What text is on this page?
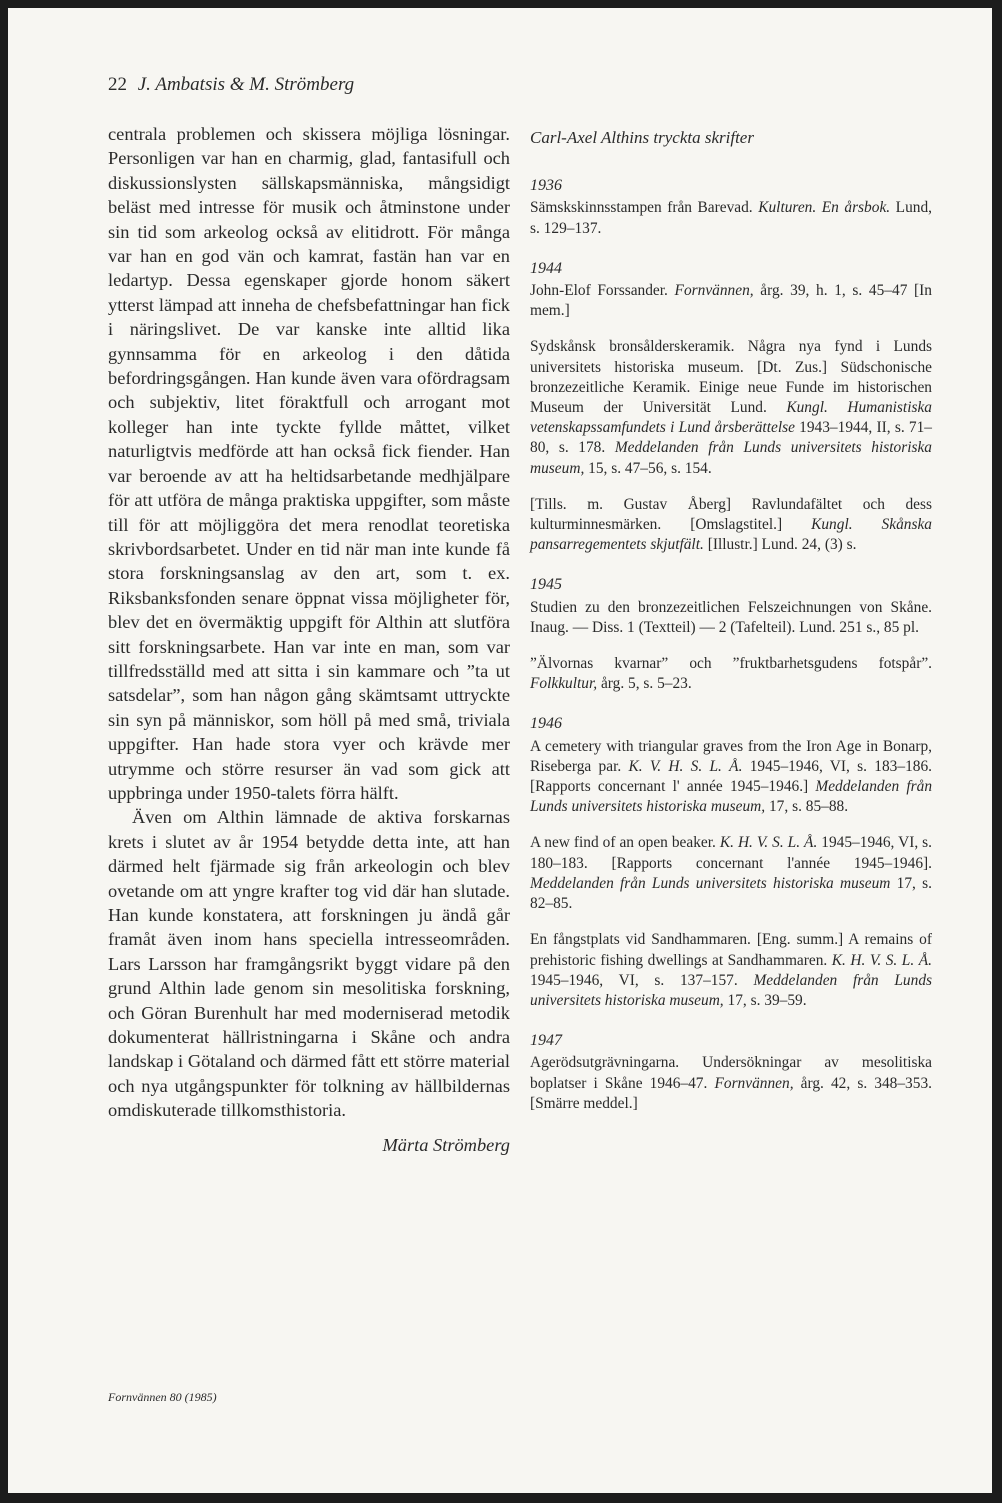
22 J. Ambatsis & M. Strömberg

centrala problemen och skissera möjliga lösningar. Personligen var han en charmig, glad, fantasifull och diskussionslysten sällskapsmänniska, mångsidigt beläst med intresse för musik och åtminstone under sin tid som arkeolog också av elitidrott. För många var han en god vän och kamrat, fastän han var en ledartyp. Dessa egenskaper gjorde honom säkert ytterst lämpad att inneha de chefsbefattningar han fick i näringslivet. De var kanske inte alltid lika gynnsamma för en arkeolog i den dåtida befordringsgången. Han kunde även vara ofördragsam och subjektiv, litet föraktfull och arrogant mot kolleger han inte tyckte fyllde måttet, vilket naturligtvis medförde att han också fick fiender. Han var beroende av att ha heltidsarbetande medhjälpare för att utföra de många praktiska uppgifter, som måste till för att möjliggöra det mera renodlat teoretiska skrivbordsarbetet. Under en tid när man inte kunde få stora forskningsanslag av den art, som t. ex. Riksbanksfonden senare öppnat vissa möjligheter för, blev det en övermäktig uppgift för Althin att slutföra sitt forskningsarbete. Han var inte en man, som var tillfredsställd med att sitta i sin kammare och ”ta ut satsdelar”, som han någon gång skämtsamt uttryckte sin syn på människor, som höll på med små, triviala uppgifter. Han hade stora vyer och krävde mer utrymme och större resurser än vad som gick att uppbringa under 1950-talets förra hälft.

Även om Althin lämnade de aktiva forskarnas krets i slutet av år 1954 betydde detta inte, att han därmed helt fjärmade sig från arkeologin och blev ovetande om att yngre krafter tog vid där han slutade. Han kunde konstatera, att forskningen ju ändå går framåt även inom hans speciella intresseområden. Lars Larsson har framgångsrikt byggt vidare på den grund Althin lade genom sin mesolitiska forskning, och Göran Burenhult har med moderniserad metodik dokumenterat hällristningarna i Skåne och andra landskap i Götaland och därmed fått ett större material och nya utgångspunkter för tolkning av hällbildernas omdiskuterade tillkomsthistoria.

Märta Strömberg
Carl-Axel Althins tryckta skrifter
1936

Sämskskinnsstampen från Barevad. Kulturen. En årsbok. Lund, s. 129–137.

1944

John-Elof Forssander. Fornvännen, årg. 39, h. 1, s. 45–47 [In mem.]

Sydskånsk bronsålderskeramik. Några nya fynd i Lunds universitets historiska museum. [Dt. Zus.] Südschonische bronzezeitliche Keramik. Einige neue Funde im historischen Museum der Universität Lund. Kungl. Humanistiska vetenskapssamfundets i Lund årsberättelse 1943–1944, II, s. 71–80, s. 178. Meddelanden från Lunds universitets historiska museum, 15, s. 47–56, s. 154.

[Tills. m. Gustav Åberg] Ravlundafältet och dess kulturminnesmärken. [Omslagstitel.] Kungl. Skånska pansarregementets skjutfält. [Illustr.] Lund. 24, (3) s.

1945

Studien zu den bronzezeitlichen Felszeichnungen von Skåne. Inaug. — Diss. 1 (Textteil) — 2 (Tafelteil). Lund. 251 s., 85 pl.

”Älvornas kvarnar” och ”fruktbarhetsgudens fotspår”. Folkkultur, årg. 5, s. 5–23.

1946

A cemetery with triangular graves from the Iron Age in Bonarp, Riseberga par. K. V. H. S. L. Å. 1945–1946, VI, s. 183–186. [Rapports concernant l' année 1945–1946.] Meddelanden från Lunds universitets historiska museum, 17, s. 85–88.

A new find of an open beaker. K. H. V. S. L. Å. 1945–1946, VI, s. 180–183. [Rapports concernant l'année 1945–1946]. Meddelanden från Lunds universitets historiska museum 17, s. 82–85.

En fångstplats vid Sandhammaren. [Eng. summ.] A remains of prehistoric fishing dwellings at Sandhammaren. K. H. V. S. L. Å. 1945–1946, VI, s. 137–157. Meddelanden från Lunds universitets historiska museum, 17, s. 39–59.

1947

Agerödsutgrävningarna. Undersökningar av mesolitiska boplatser i Skåne 1946–47. Fornvännen, årg. 42, s. 348–353. [Smärre meddel.]

Fornvännen 80 (1985)
